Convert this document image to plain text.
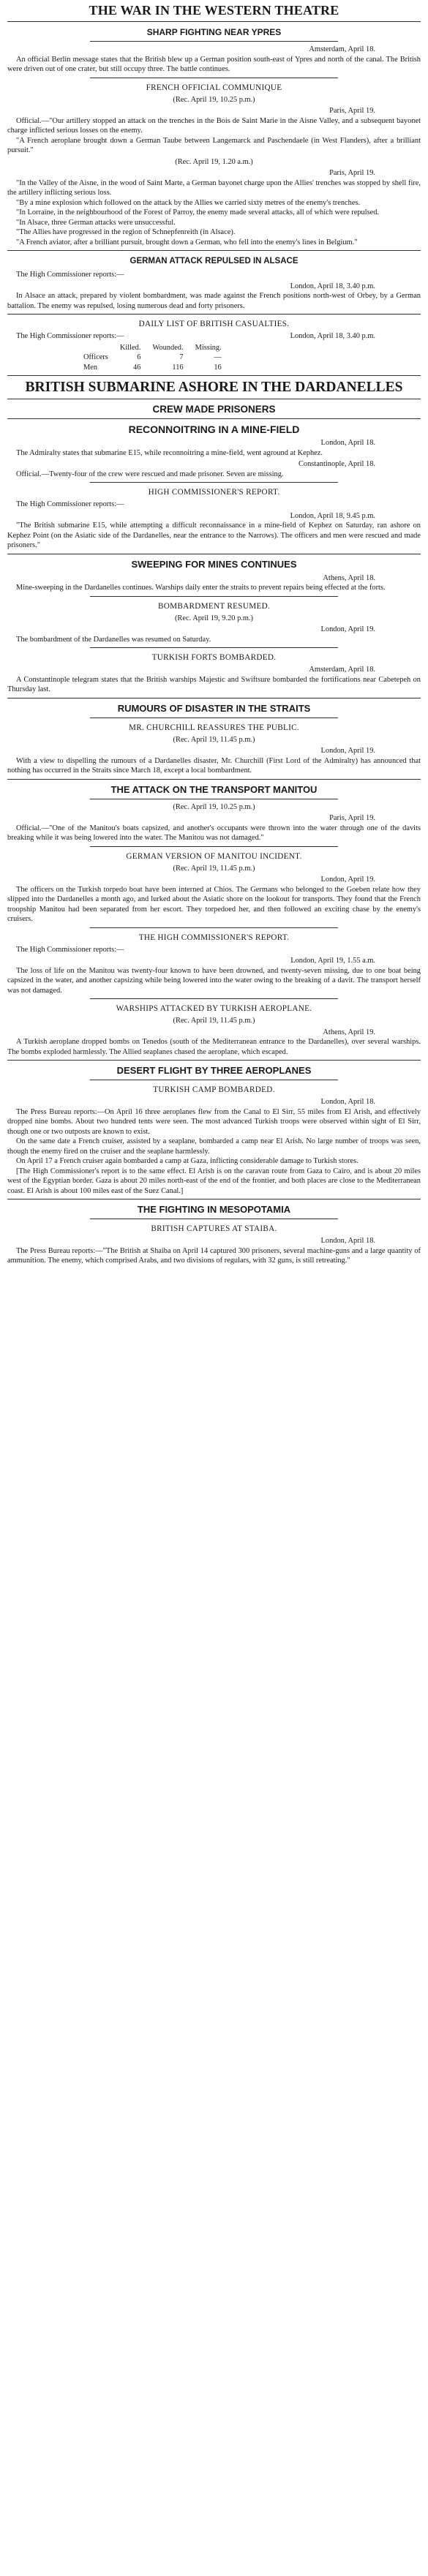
THE WAR IN THE WESTERN THEATRE
SHARP FIGHTING NEAR YPRES
Amsterdam, April 18.

An official Berlin message states that the British blew up a German position south-east of Ypres and north of the canal. The British were driven out of one crater, but still occupy three. The battle continues.

FRENCH OFFICIAL COMMUNIQUE
(Rec. April 19, 10.25 p.m.)
Paris, April 19.

Official.—"Our artillery stopped an attack on the trenches in the Bois de Saint Marie in the Aisne Valley, and a subsequent bayonet charge inflicted serious losses on the enemy.

"A French aeroplane brought down a German Taube between Langemarck and Paschendaele (in West Flanders), after a brilliant pursuit."

(Rec. April 19, 1.20 a.m.)
Paris, April 19.

"In the Valley of the Aisne, in the wood of Saint Marte, a German bayonet charge upon the Allies' trenches was stopped by shell fire, the artillery inflicting serious loss.

"By a mine explosion which followed on the attack by the Allies we carried sixty metres of the enemy's trenches.

"In Lorraine, in the neighbourhood of the Forest of Parroy, the enemy made several attacks, all of which were repulsed.

"In Alsace, three German attacks were unsuccessful.

"The Allies have progressed in the region of Schnepfenreith (in Alsace).

"A French aviator, after a brilliant pursuit, brought down a German, who fell into the enemy's lines in Belgium."

GERMAN ATTACK REPULSED IN ALSACE

The High Commissioner reports:—

London, April 18, 3.40 p.m.

In Alsace an attack, prepared by violent bombardment, was made against the French positions north-west of Orbey, by a German battalion. The enemy was repulsed, losing numerous dead and forty prisoners.

DAILY LIST OF BRITISH CASUALTIES.
The High Commissioner reports:—	London, April 18, 3.40 p.m.
	Killed.	Wounded.	Missing.
Officers	6	7	—
Men	46	116	16
BRITISH SUBMARINE ASHORE IN THE DARDANELLES
CREW MADE PRISONERS
RECONNOITRING IN A MINE-FIELD
London, April 18.

The Admiralty states that submarine E15, while reconnoitring a mine-field, went aground at Kephez.

Constantinople, April 18.

Official.—Twenty-four of the crew were rescued and made prisoner. Seven are missing.

HIGH COMMISSIONER'S REPORT.

The High Commissioner reports:—

London, April 18, 9.45 p.m.

"The British submarine E15, while attempting a difficult reconnaissance in a mine-field of Kephez on Saturday, ran ashore on Kephez Point (on the Asiatic side of the Dardanelles, near the entrance to the Narrows). The officers and men were rescued and made prisoners."

SWEEPING FOR MINES CONTINUES
Athens, April 18.

Mine-sweeping in the Dardanelles continues. Warships daily enter the straits to prevent repairs being effected at the forts.

BOMBARDMENT RESUMED.
(Rec. April 19, 9.20 p.m.)
London, April 19.

The bombardment of the Dardanelles was resumed on Saturday.

TURKISH FORTS BOMBARDED.
Amsterdam, April 18.

A Constantinople telegram states that the British warships Majestic and Swiftsure bombarded the fortifications near Cabetepeh on Thursday last.

RUMOURS OF DISASTER IN THE STRAITS
MR. CHURCHILL REASSURES THE PUBLIC.
(Rec. April 19, 11.45 p.m.)
London, April 19.

With a view to dispelling the rumours of a Dardanelles disaster, Mr. Churchill (First Lord of the Admiralty) has announced that nothing has occurred in the Straits since March 18, except a local bombardment.

THE ATTACK ON THE TRANSPORT MANITOU
(Rec. April 19, 10.25 p.m.)
Paris, April 19.

Official.—"One of the Manitou's boats capsized, and another's occupants were thrown into the water through one of the davits breaking while it was being lowered into the water. The Manitou was not damaged."

GERMAN VERSION OF MANITOU INCIDENT.
(Rec. April 19, 11.45 p.m.)
London, April 19.

The officers on the Turkish torpedo boat have been interned at Chios. The Germans who belonged to the Goeben relate how they slipped into the Dardanelles a month ago, and lurked about the Asiatic shore on the lookout for transports. They found that the French troopship Manitou had been separated from her escort. They torpedoed her, and then followed an exciting chase by the enemy's cruisers.

THE HIGH COMMISSIONER'S REPORT.

The High Commissioner reports:—

London, April 19, 1.55 a.m.

The loss of life on the Manitou was twenty-four known to have been drowned, and twenty-seven missing, due to one boat being capsized in the water, and another capsizing while being lowered into the water owing to the breaking of a davit. The transport herself was not damaged.

WARSHIPS ATTACKED BY TURKISH AEROPLANE.
(Rec. April 19, 11.45 p.m.)
Athens, April 19.

A Turkish aeroplane dropped bombs on Tenedos (south of the Mediterranean entrance to the Dardanelles), over several warships. The bombs exploded harmlessly. The Allied seaplanes chased the aeroplane, which escaped.

DESERT FLIGHT BY THREE AEROPLANES
TURKISH CAMP BOMBARDED.
London, April 18.

The Press Bureau reports:—On April 16 three aeroplanes flew from the Canal to El Sirr, 55 miles from El Arish, and effectively dropped nine bombs. About two hundred tents were seen. The most advanced Turkish troops were observed within sight of El Sirr, though one or two outposts are known to exist.

On the same date a French cruiser, assisted by a seaplane, bombarded a camp near El Arish. No large number of troops was seen, though the enemy fired on the cruiser and the seaplane harmlessly.

On April 17 a French cruiser again bombarded a camp at Gaza, inflicting considerable damage to Turkish stores.

[The High Commissioner's report is to the same effect. El Arish is on the caravan route from Gaza to Cairo, and is about 20 miles west of the Egyptian border. Gaza is about 20 miles north-east of the end of the frontier, and both places are close to the Mediterranean coast. El Arish is about 100 miles east of the Suez Canal.]

THE FIGHTING IN MESOPOTAMIA
BRITISH CAPTURES AT STAIBA.
London, April 18.

The Press Bureau reports:—"The British at Shaiba on April 14 captured 300 prisoners, several machine-guns and a large quantity of ammunition. The enemy, which comprised Arabs, and two divisions of regulars, with 32 guns, is still retreating."
